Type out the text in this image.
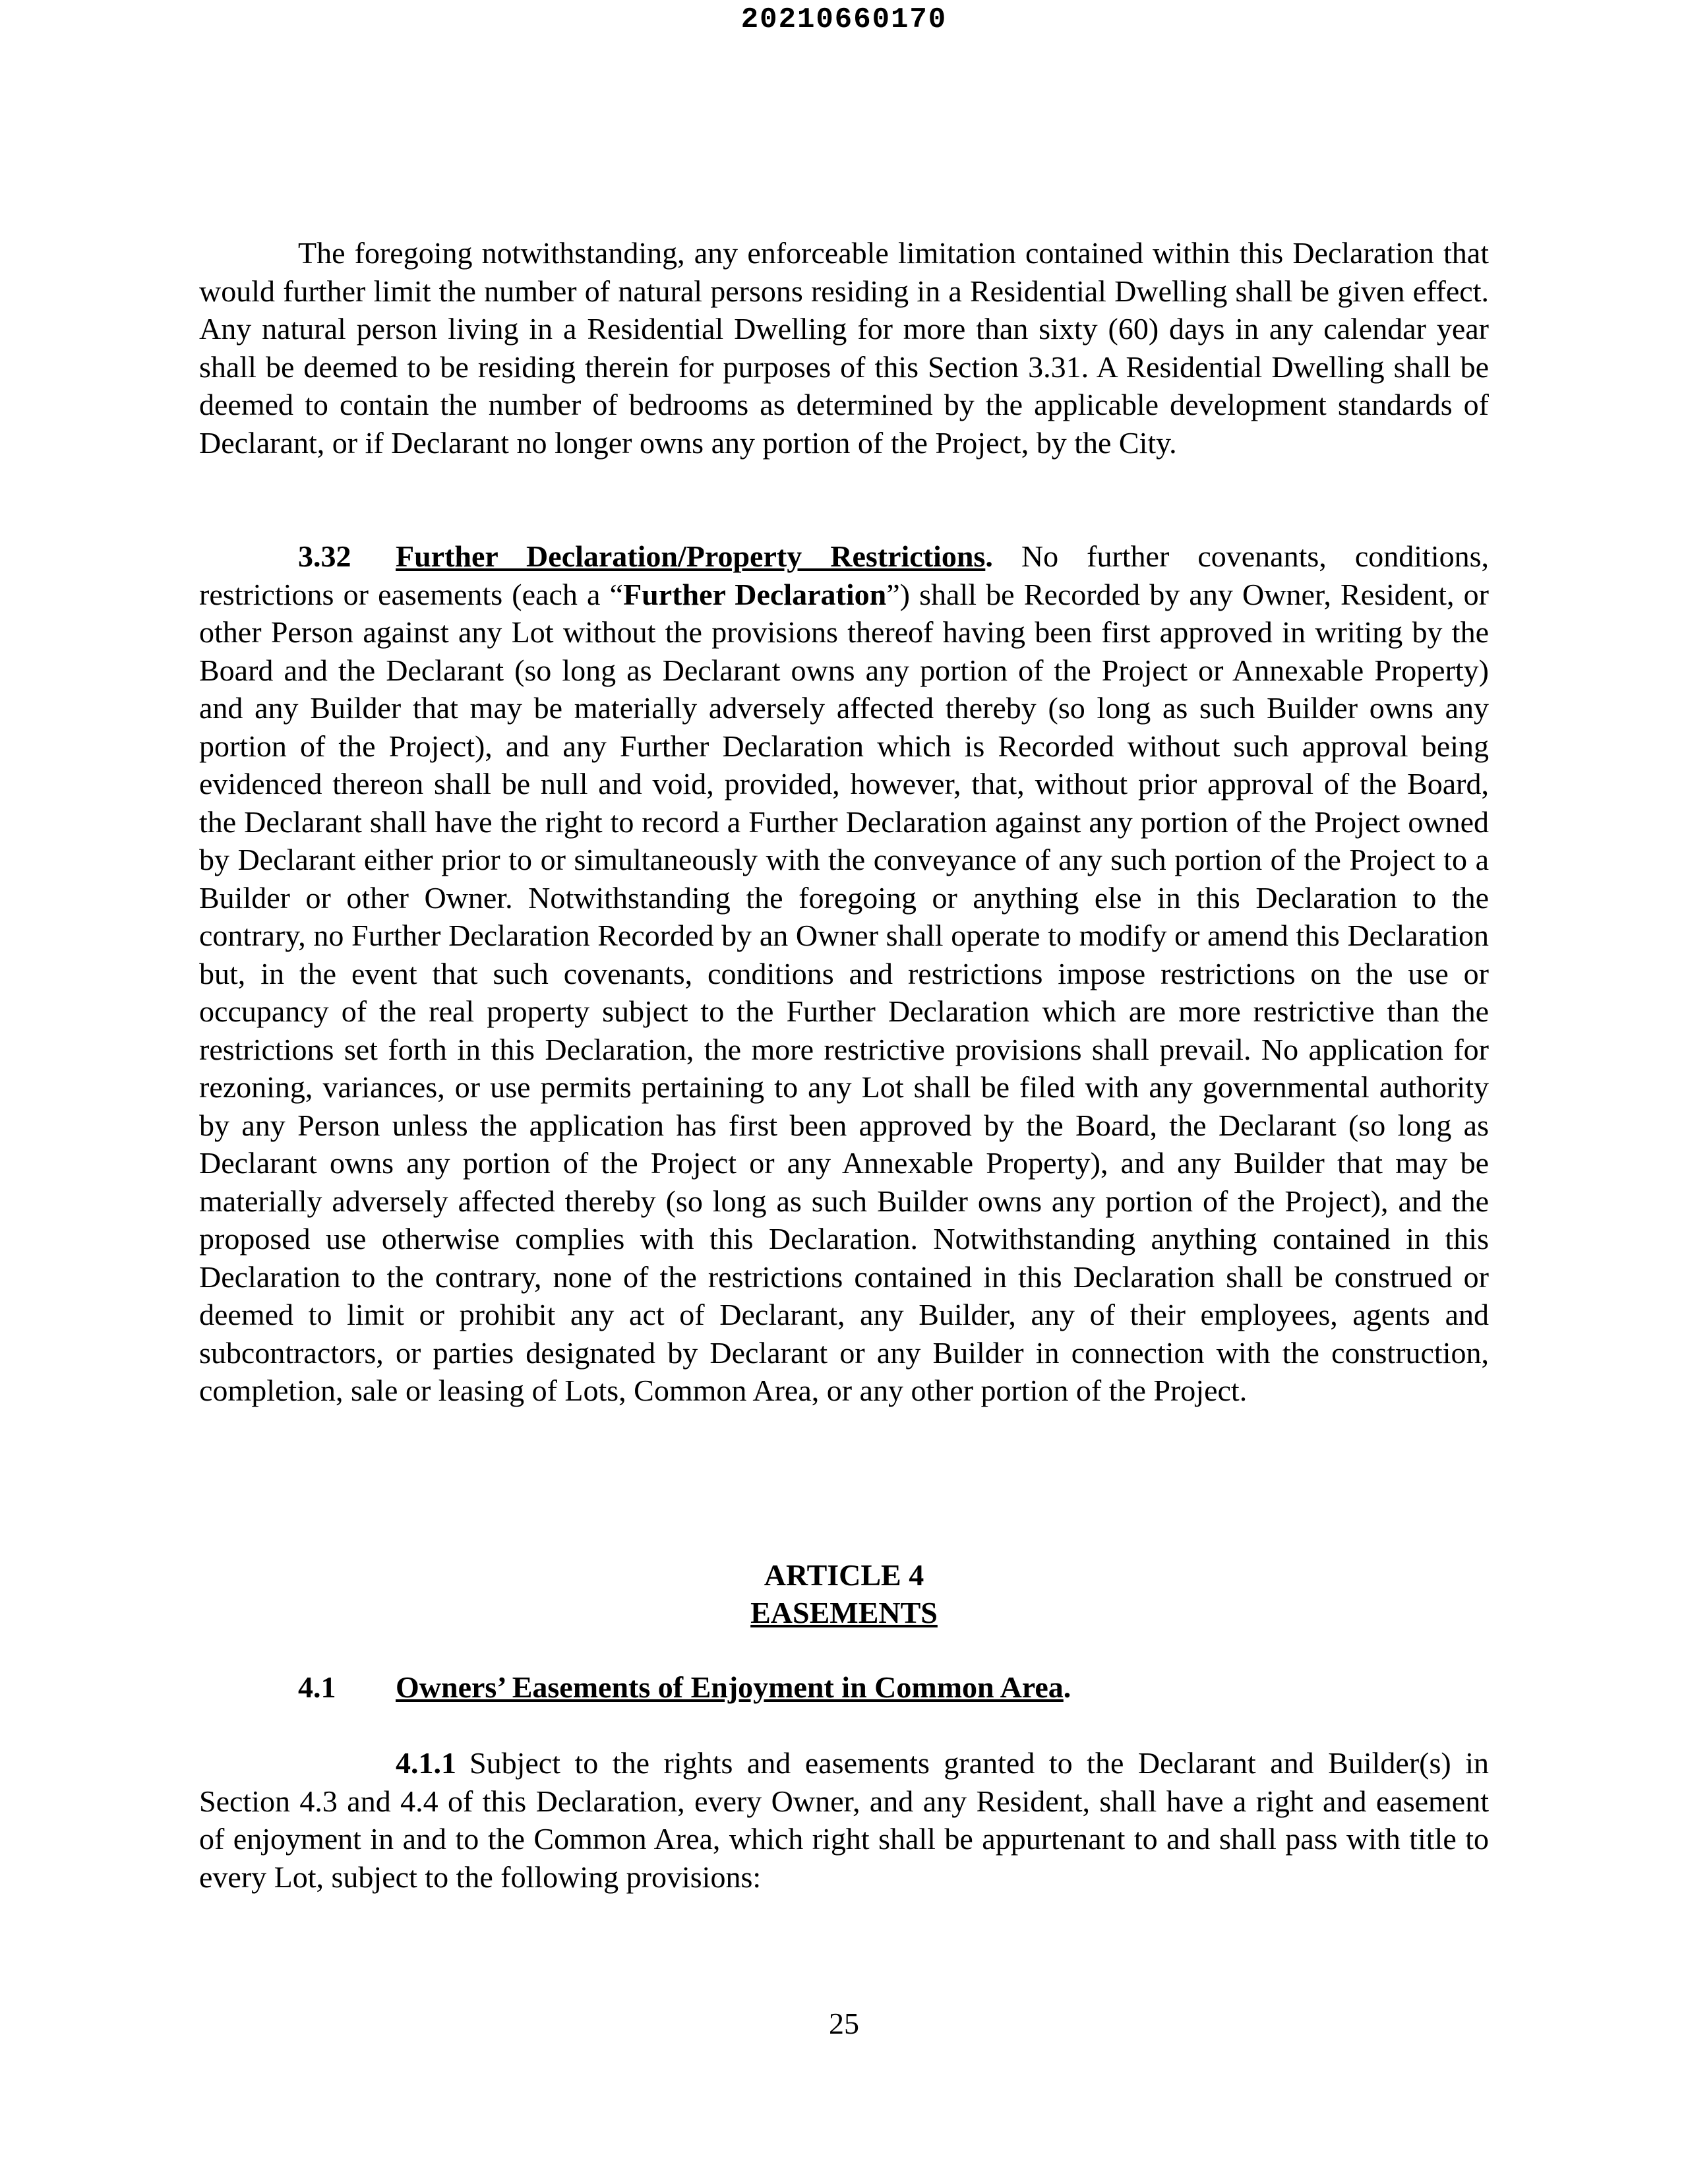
20210660170

The foregoing notwithstanding, any enforceable limitation contained within this Declaration that would further limit the number of natural persons residing in a Residential Dwelling shall be given effect. Any natural person living in a Residential Dwelling for more than sixty (60) days in any calendar year shall be deemed to be residing therein for purposes of this Section 3.31. A Residential Dwelling shall be deemed to contain the number of bedrooms as determined by the applicable development standards of Declarant, or if Declarant no longer owns any portion of the Project, by the City.

3.32 Further Declaration/Property Restrictions. No further covenants, conditions, restrictions or easements (each a “Further Declaration”) shall be Recorded by any Owner, Resident, or other Person against any Lot without the provisions thereof having been first approved in writing by the Board and the Declarant (so long as Declarant owns any portion of the Project or Annexable Property) and any Builder that may be materially adversely affected thereby (so long as such Builder owns any portion of the Project), and any Further Declaration which is Recorded without such approval being evidenced thereon shall be null and void, provided, however, that, without prior approval of the Board, the Declarant shall have the right to record a Further Declaration against any portion of the Project owned by Declarant either prior to or simultaneously with the conveyance of any such portion of the Project to a Builder or other Owner. Notwithstanding the foregoing or anything else in this Declaration to the contrary, no Further Declaration Recorded by an Owner shall operate to modify or amend this Declaration but, in the event that such covenants, conditions and restrictions impose restrictions on the use or occupancy of the real property subject to the Further Declaration which are more restrictive than the restrictions set forth in this Declaration, the more restrictive provisions shall prevail. No application for rezoning, variances, or use permits pertaining to any Lot shall be filed with any governmental authority by any Person unless the application has first been approved by the Board, the Declarant (so long as Declarant owns any portion of the Project or any Annexable Property), and any Builder that may be materially adversely affected thereby (so long as such Builder owns any portion of the Project), and the proposed use otherwise complies with this Declaration. Notwithstanding anything contained in this Declaration to the contrary, none of the restrictions contained in this Declaration shall be construed or deemed to limit or prohibit any act of Declarant, any Builder, any of their employees, agents and subcontractors, or parties designated by Declarant or any Builder in connection with the construction, completion, sale or leasing of Lots, Common Area, or any other portion of the Project.

ARTICLE 4
EASEMENTS
4.1 Owners’ Easements of Enjoyment in Common Area.

4.1.1 Subject to the rights and easements granted to the Declarant and Builder(s) in Section 4.3 and 4.4 of this Declaration, every Owner, and any Resident, shall have a right and easement of enjoyment in and to the Common Area, which right shall be appurtenant to and shall pass with title to every Lot, subject to the following provisions:

25
